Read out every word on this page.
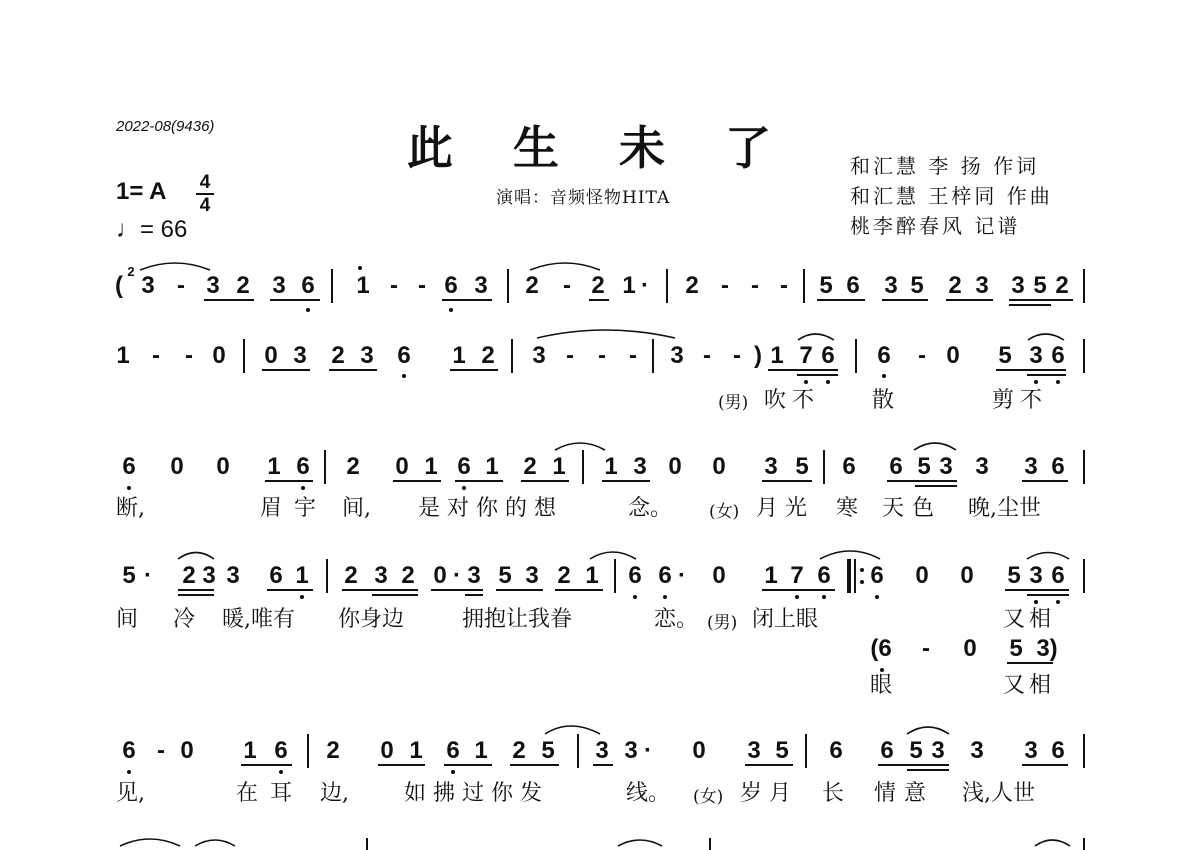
2022-08(9436)	此 生 未 了
演唱：音频怪物HITA
和汇慧 李 扬 作词
和汇慧 王梓同 作曲
桃李醉春风 记谱
1= A	4
4
♩= 66
(
2
3 - 3 2 3 6 1 - - 6 3 2 - 2 1 · 2 - - - 5 6 3 5 2 3 3 5 2
1 - - 0 0 3 2 3 6 1 2 3 - - - 3 - - ) 1 7 6 6 - 0 5 3 6
(男) 吹不 散	剪不
6 0 0 1 6 2 0 1 6 1 2 1 1 3 0 0 3 5 6 6 5 3 3 3 6
断,	眉宇 间, 是对你的想	念。 (女) 月光 寒 天色 晚,尘世
5 · 2 3 3 6 1 2 3 2 0 · 3 5 3 2 1 6 6 · 0 1 7 6 6 0 0 5 3 6
间 冷 暖,唯有 你身边	拥抱让我眷	恋。 (男) 闭上眼	又相
(6 - 0 5 3)
眼	又相
6 - 0 1 6 2 0 1 6 1 2 5 3 3 · 0 3 5 6 6 5 3 3 3 6
见,	在耳 边,	如拂过你发	线。 (女) 岁月 长 情意 浅,人世
